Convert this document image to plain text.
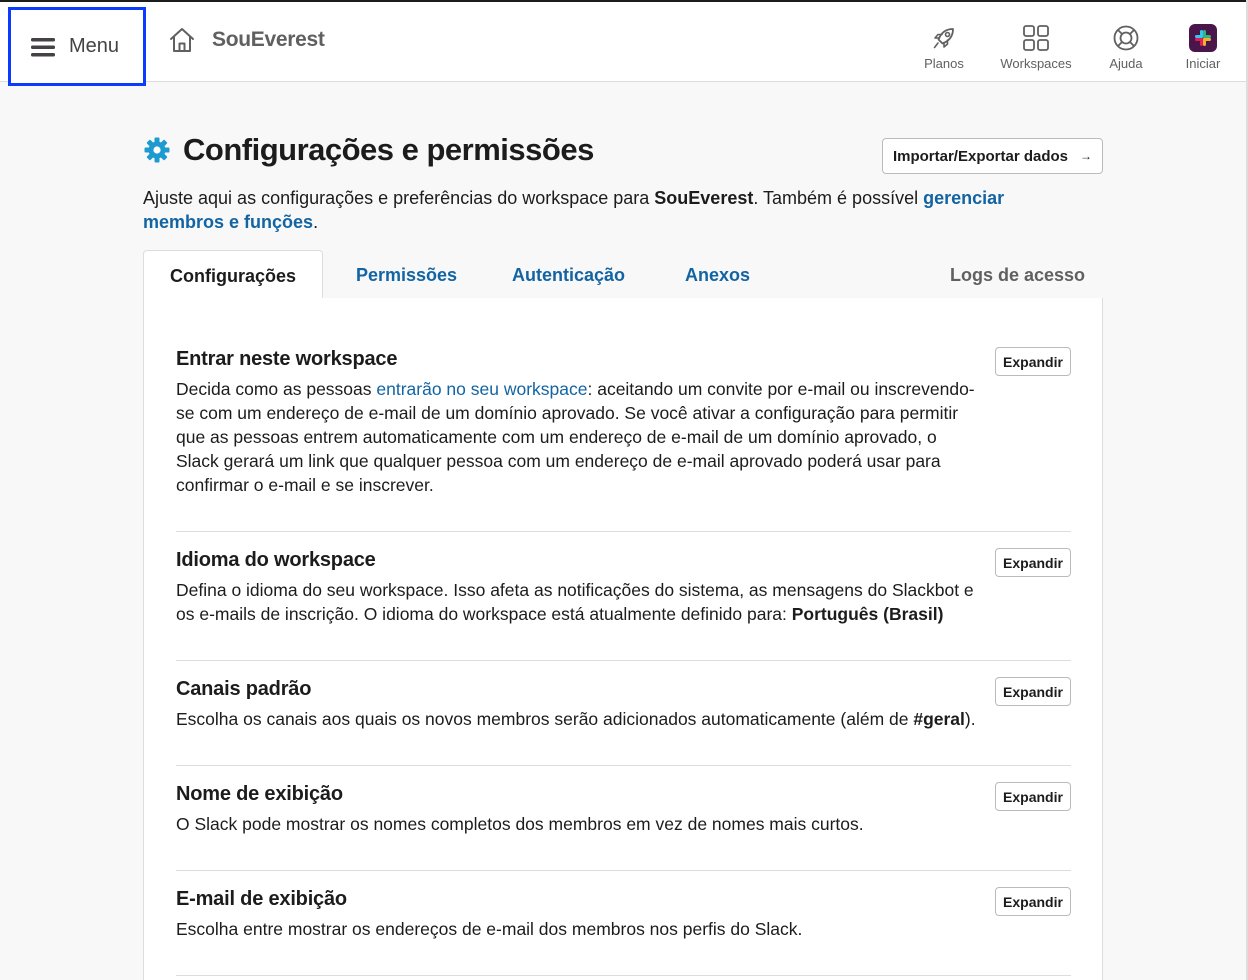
Menu	SouEverest
Planos	Workspaces	Ajuda	Iniciar
Configurações e permissões	Importar/Exportar dados →
Ajuste aqui as configurações e preferências do workspace para SouEverest. Também é possível gerenciar membros e funções.
Configurações	Permissões	Autenticação	Anexos	Logs de acesso
Entrar neste workspace

Decida como as pessoas entrarão no seu workspace: aceitando um convite por e-mail ou inscrevendo-se com um endereço de e-mail de um domínio aprovado. Se você ativar a configuração para permitir que as pessoas entrem automaticamente com um endereço de e-mail de um domínio aprovado, o Slack gerará um link que qualquer pessoa com um endereço de e-mail aprovado poderá usar para confirmar o e-mail e se inscrever.

Expandir
Idioma do workspace

Defina o idioma do seu workspace. Isso afeta as notificações do sistema, as mensagens do Slackbot e os e-mails de inscrição. O idioma do workspace está atualmente definido para: Português (Brasil)

Expandir
Canais padrão

Escolha os canais aos quais os novos membros serão adicionados automaticamente (além de #geral).

Expandir
Nome de exibição

O Slack pode mostrar os nomes completos dos membros em vez de nomes mais curtos.

Expandir
E-mail de exibição

Escolha entre mostrar os endereços de e-mail dos membros nos perfis do Slack.

Expandir
